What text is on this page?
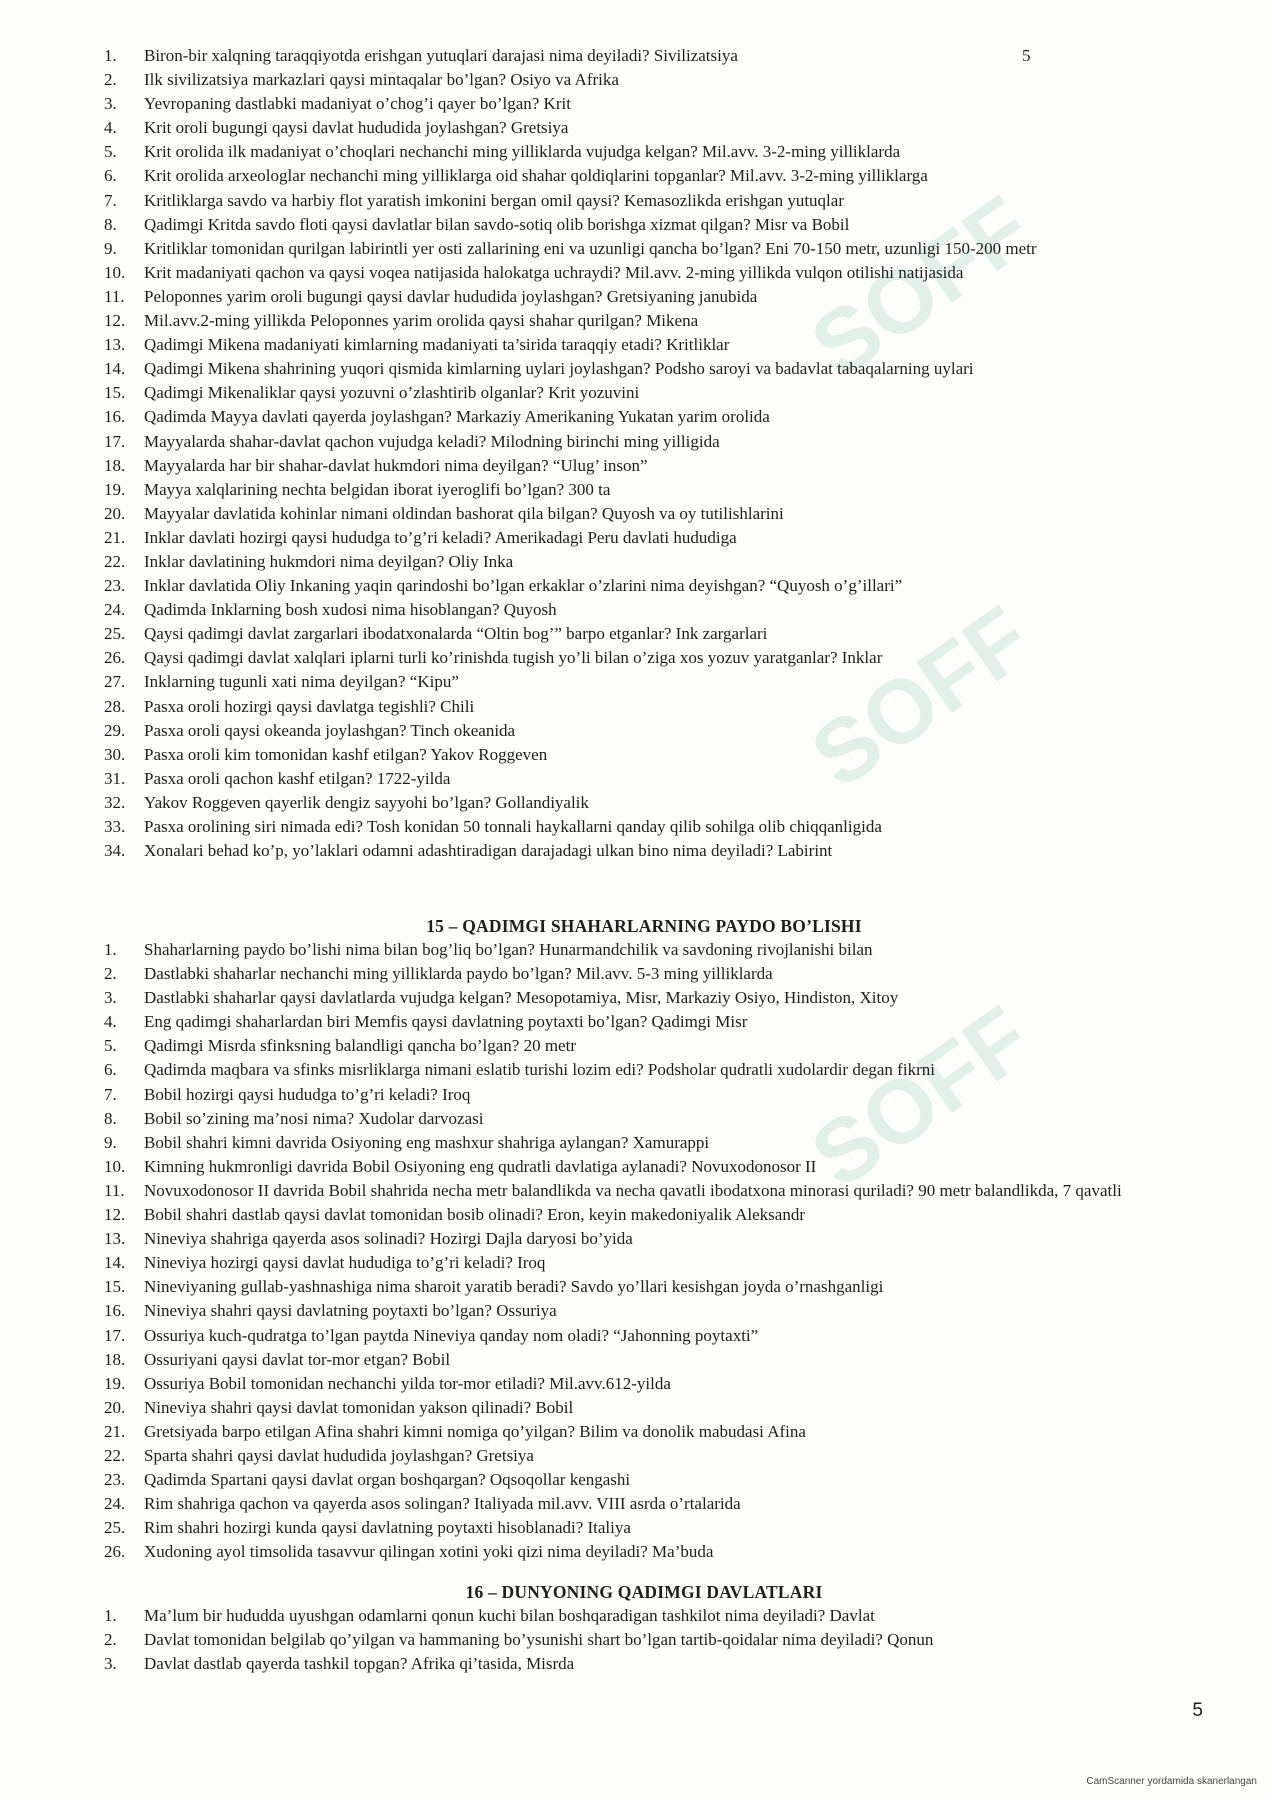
SOFF
SOFF
SOFF
5
1. Biron-bir xalqning taraqqiyotda erishgan yutuqlari darajasi nima deyiladi? Sivilizatsiya
2. Ilk sivilizatsiya markazlari qaysi mintaqalar bo’lgan? Osiyo va Afrika
3. Yevropaning dastlabki madaniyat o’chog’i qayer bo’lgan? Krit
4. Krit oroli bugungi qaysi davlat hududida joylashgan? Gretsiya
5. Krit orolida ilk madaniyat o’choqlari nechanchi ming yilliklarda vujudga kelgan? Mil.avv. 3-2-ming yilliklarda
6. Krit orolida arxeologlar nechanchi ming yilliklarga oid shahar qoldiqlarini topganlar? Mil.avv. 3-2-ming yilliklarga
7. Kritliklarga savdo va harbiy flot yaratish imkonini bergan omil qaysi? Kemasozlikda erishgan yutuqlar
8. Qadimgi Kritda savdo floti qaysi davlatlar bilan savdo-sotiq olib borishga xizmat qilgan? Misr va Bobil
9. Kritliklar tomonidan qurilgan labirintli yer osti zallarining eni va uzunligi qancha bo’lgan? Eni 70-150 metr, uzunligi 150-200 metr
10. Krit madaniyati qachon va qaysi voqea natijasida halokatga uchraydi? Mil.avv. 2-ming yillikda vulqon otilishi natijasida
11. Peloponnes yarim oroli bugungi qaysi davlar hududida joylashgan? Gretsiyaning janubida
12. Mil.avv.2-ming yillikda Peloponnes yarim orolida qaysi shahar qurilgan? Mikena
13. Qadimgi Mikena madaniyati kimlarning madaniyati ta’sirida taraqqiy etadi? Kritliklar
14. Qadimgi Mikena shahrining yuqori qismida kimlarning uylari joylashgan? Podsho saroyi va badavlat tabaqalarning uylari
15. Qadimgi Mikenaliklar qaysi yozuvni o’zlashtirib olganlar? Krit yozuvini
16. Qadimda Mayya davlati qayerda joylashgan? Markaziy Amerikaning Yukatan yarim orolida
17. Mayyalarda shahar-davlat qachon vujudga keladi? Milodning birinchi ming yilligida
18. Mayyalarda har bir shahar-davlat hukmdori nima deyilgan? “Ulug’ inson”
19. Mayya xalqlarining nechta belgidan iborat iyeroglifi bo’lgan? 300 ta
20. Mayyalar davlatida kohinlar nimani oldindan bashorat qila bilgan? Quyosh va oy tutilishlarini
21. Inklar davlati hozirgi qaysi hududga to’g’ri keladi? Amerikadagi Peru davlati hududiga
22. Inklar davlatining hukmdori nima deyilgan? Oliy Inka
23. Inklar davlatida Oliy Inkaning yaqin qarindoshi bo’lgan erkaklar o’zlarini nima deyishgan? “Quyosh o’g’illari”
24. Qadimda Inklarning bosh xudosi nima hisoblangan? Quyosh
25. Qaysi qadimgi davlat zargarlari ibodatxonalarda “Oltin bog’” barpo etganlar? Ink zargarlari
26. Qaysi qadimgi davlat xalqlari iplarni turli ko’rinishda tugish yo’li bilan o’ziga xos yozuv yaratganlar? Inklar
27. Inklarning tugunli xati nima deyilgan? “Kipu”
28. Pasxa oroli hozirgi qaysi davlatga tegishli? Chili
29. Pasxa oroli qaysi okeanda joylashgan? Tinch okeanida
30. Pasxa oroli kim tomonidan kashf etilgan? Yakov Roggeven
31. Pasxa oroli qachon kashf etilgan? 1722-yilda
32. Yakov Roggeven qayerlik dengiz sayyohi bo’lgan? Gollandiyalik
33. Pasxa orolining siri nimada edi? Tosh konidan 50 tonnali haykallarni qanday qilib sohilga olib chiqqanligida
34. Xonalari behad ko’p, yo’laklari odamni adashtiradigan darajadagi ulkan bino nima deyiladi? Labirint
15 – QADIMGI SHAHARLARNING PAYDO BO’LISHI
1. Shaharlarning paydo bo’lishi nima bilan bog’liq bo’lgan? Hunarmandchilik va savdoning rivojlanishi bilan
2. Dastlabki shaharlar nechanchi ming yilliklarda paydo bo’lgan? Mil.avv. 5-3 ming yilliklarda
3. Dastlabki shaharlar qaysi davlatlarda vujudga kelgan? Mesopotamiya, Misr, Markaziy Osiyo, Hindiston, Xitoy
4. Eng qadimgi shaharlardan biri Memfis qaysi davlatning poytaxti bo’lgan? Qadimgi Misr
5. Qadimgi Misrda sfinksning balandligi qancha bo’lgan? 20 metr
6. Qadimda maqbara va sfinks misrliklarga nimani eslatib turishi lozim edi? Podsholar qudratli xudolardir degan fikrni
7. Bobil hozirgi qaysi hududga to’g’ri keladi? Iroq
8. Bobil so’zining ma’nosi nima? Xudolar darvozasi
9. Bobil shahri kimni davrida Osiyoning eng mashxur shahriga aylangan? Xamurappi
10. Kimning hukmronligi davrida Bobil Osiyoning eng qudratli davlatiga aylanadi? Novuxodonosor II
11. Novuxodonosor II davrida Bobil shahrida necha metr balandlikda va necha qavatli ibodatxona minorasi quriladi? 90 metr balandlikda, 7 qavatli
12. Bobil shahri dastlab qaysi davlat tomonidan bosib olinadi? Eron, keyin makedoniyalik Aleksandr
13. Nineviya shahriga qayerda asos solinadi? Hozirgi Dajla daryosi bo’yida
14. Nineviya hozirgi qaysi davlat hududiga to’g’ri keladi? Iroq
15. Nineviyaning gullab-yashnashiga nima sharoit yaratib beradi? Savdo yo’llari kesishgan joyda o’rnashganligi
16. Nineviya shahri qaysi davlatning poytaxti bo’lgan? Ossuriya
17. Ossuriya kuch-qudratga to’lgan paytda Nineviya qanday nom oladi? “Jahonning poytaxti”
18. Ossuriyani qaysi davlat tor-mor etgan? Bobil
19. Ossuriya Bobil tomonidan nechanchi yilda tor-mor etiladi? Mil.avv.612-yilda
20. Nineviya shahri qaysi davlat tomonidan yakson qilinadi? Bobil
21. Gretsiyada barpo etilgan Afina shahri kimni nomiga qo’yilgan? Bilim va donolik mabudasi Afina
22. Sparta shahri qaysi davlat hududida joylashgan? Gretsiya
23. Qadimda Spartani qaysi davlat organ boshqargan? Oqsoqollar kengashi
24. Rim shahriga qachon va qayerda asos solingan? Italiyada mil.avv. VIII asrda o’rtalarida
25. Rim shahri hozirgi kunda qaysi davlatning poytaxti hisoblanadi? Italiya
26. Xudoning ayol timsolida tasavvur qilingan xotini yoki qizi nima deyiladi? Ma’buda
16 – DUNYONING QADIMGI DAVLATLARI
1. Ma’lum bir hududda uyushgan odamlarni qonun kuchi bilan boshqaradigan tashkilot nima deyiladi? Davlat
2. Davlat tomonidan belgilab qo’yilgan va hammaning bo’ysunishi shart bo’lgan tartib-qoidalar nima deyiladi? Qonun
3. Davlat dastlab qayerda tashkil topgan? Afrika qi’tasida, Misrda
5
CamScanner yordamida skanerlangan
